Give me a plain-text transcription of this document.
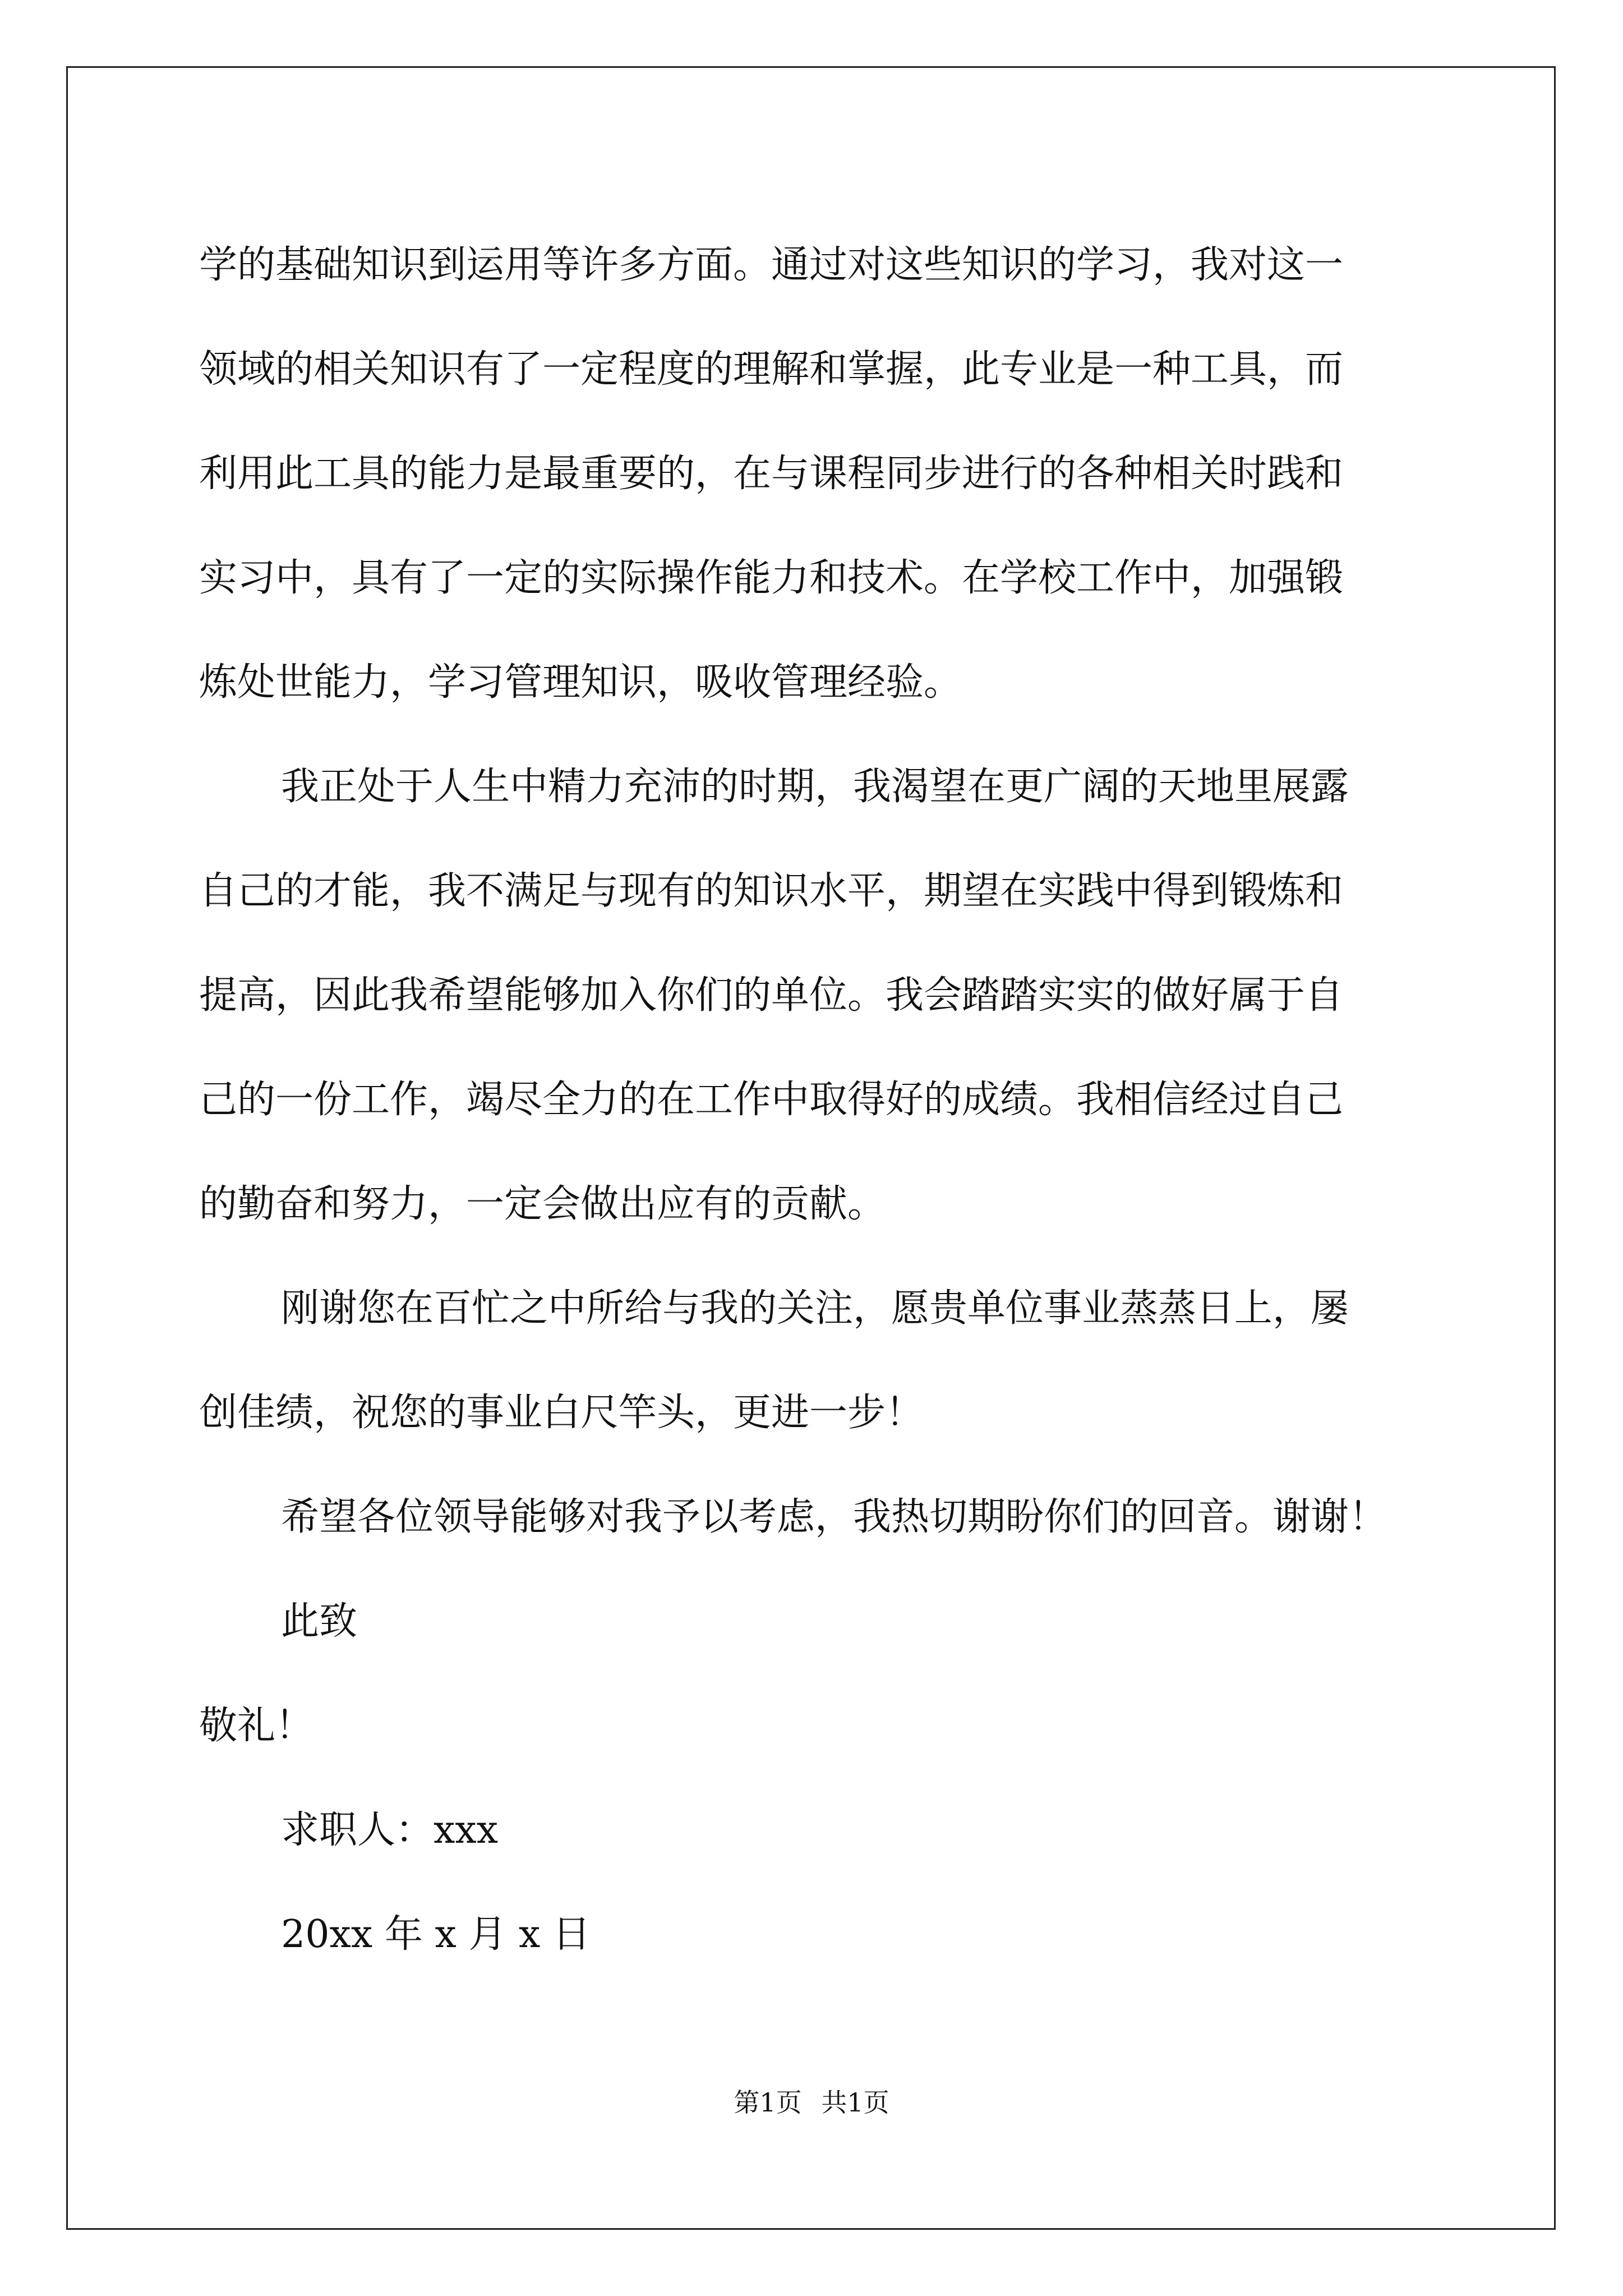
学的基础知识到运用等许多方面。通过对这些知识的学习，我对这一

领域的相关知识有了一定程度的理解和掌握，此专业是一种工具，而

利用此工具的能力是最重要的，在与课程同步进行的各种相关时践和

实习中，具有了一定的实际操作能力和技术。在学校工作中，加强锻

炼处世能力，学习管理知识，吸收管理经验。

我正处于人生中精力充沛的时期，我渴望在更广阔的天地里展露

自己的才能，我不满足与现有的知识水平，期望在实践中得到锻炼和

提高，因此我希望能够加入你们的单位。我会踏踏实实的做好属于自

己的一份工作，竭尽全力的在工作中取得好的成绩。我相信经过自己

的勤奋和努力，一定会做出应有的贡献。

刚谢您在百忙之中所给与我的关注，愿贵单位事业蒸蒸日上，屡

创佳绩，祝您的事业白尺竿头，更进一步！

希望各位领导能够对我予以考虑，我热切期盼你们的回音。谢谢！

此致

敬礼！

求职人：xxx

20xx 年 x 月 x 日

第1页 共1页
